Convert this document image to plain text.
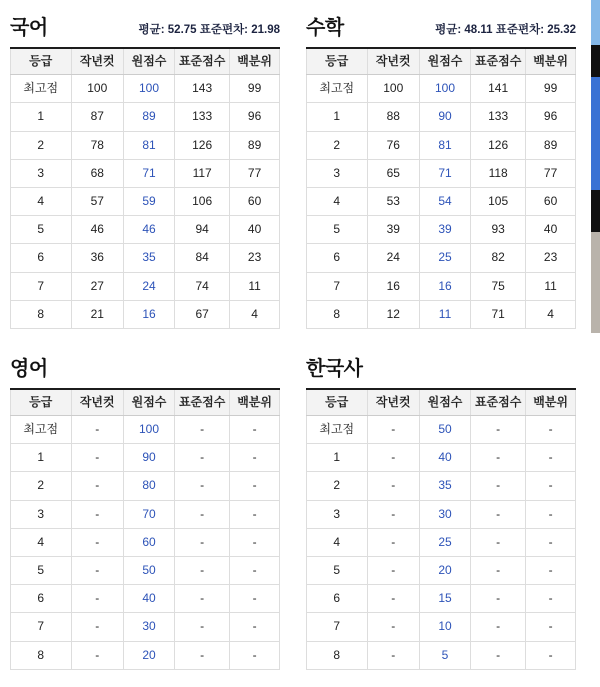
국어	평균: 52.75 표준편차: 21.98
등급	작년컷	원점수	표준점수	백분위
최고점	100	100	143	99
1	87	89	133	96
2	78	81	126	89
3	68	71	117	77
4	57	59	106	60
5	46	46	94	40
6	36	35	84	23
7	27	24	74	11
8	21	16	67	4
수학	평균: 48.11 표준편차: 25.32
등급	작년컷	원점수	표준점수	백분위
최고점	100	100	141	99
1	88	90	133	96
2	76	81	126	89
3	65	71	118	77
4	53	54	105	60
5	39	39	93	40
6	24	25	82	23
7	16	16	75	11
8	12	11	71	4
영어
등급	작년컷	원점수	표준점수	백분위
최고점	-	100	-	-
1	-	90	-	-
2	-	80	-	-
3	-	70	-	-
4	-	60	-	-
5	-	50	-	-
6	-	40	-	-
7	-	30	-	-
8	-	20	-	-
한국사
등급	작년컷	원점수	표준점수	백분위
최고점	-	50	-	-
1	-	40	-	-
2	-	35	-	-
3	-	30	-	-
4	-	25	-	-
5	-	20	-	-
6	-	15	-	-
7	-	10	-	-
8	-	5	-	-
